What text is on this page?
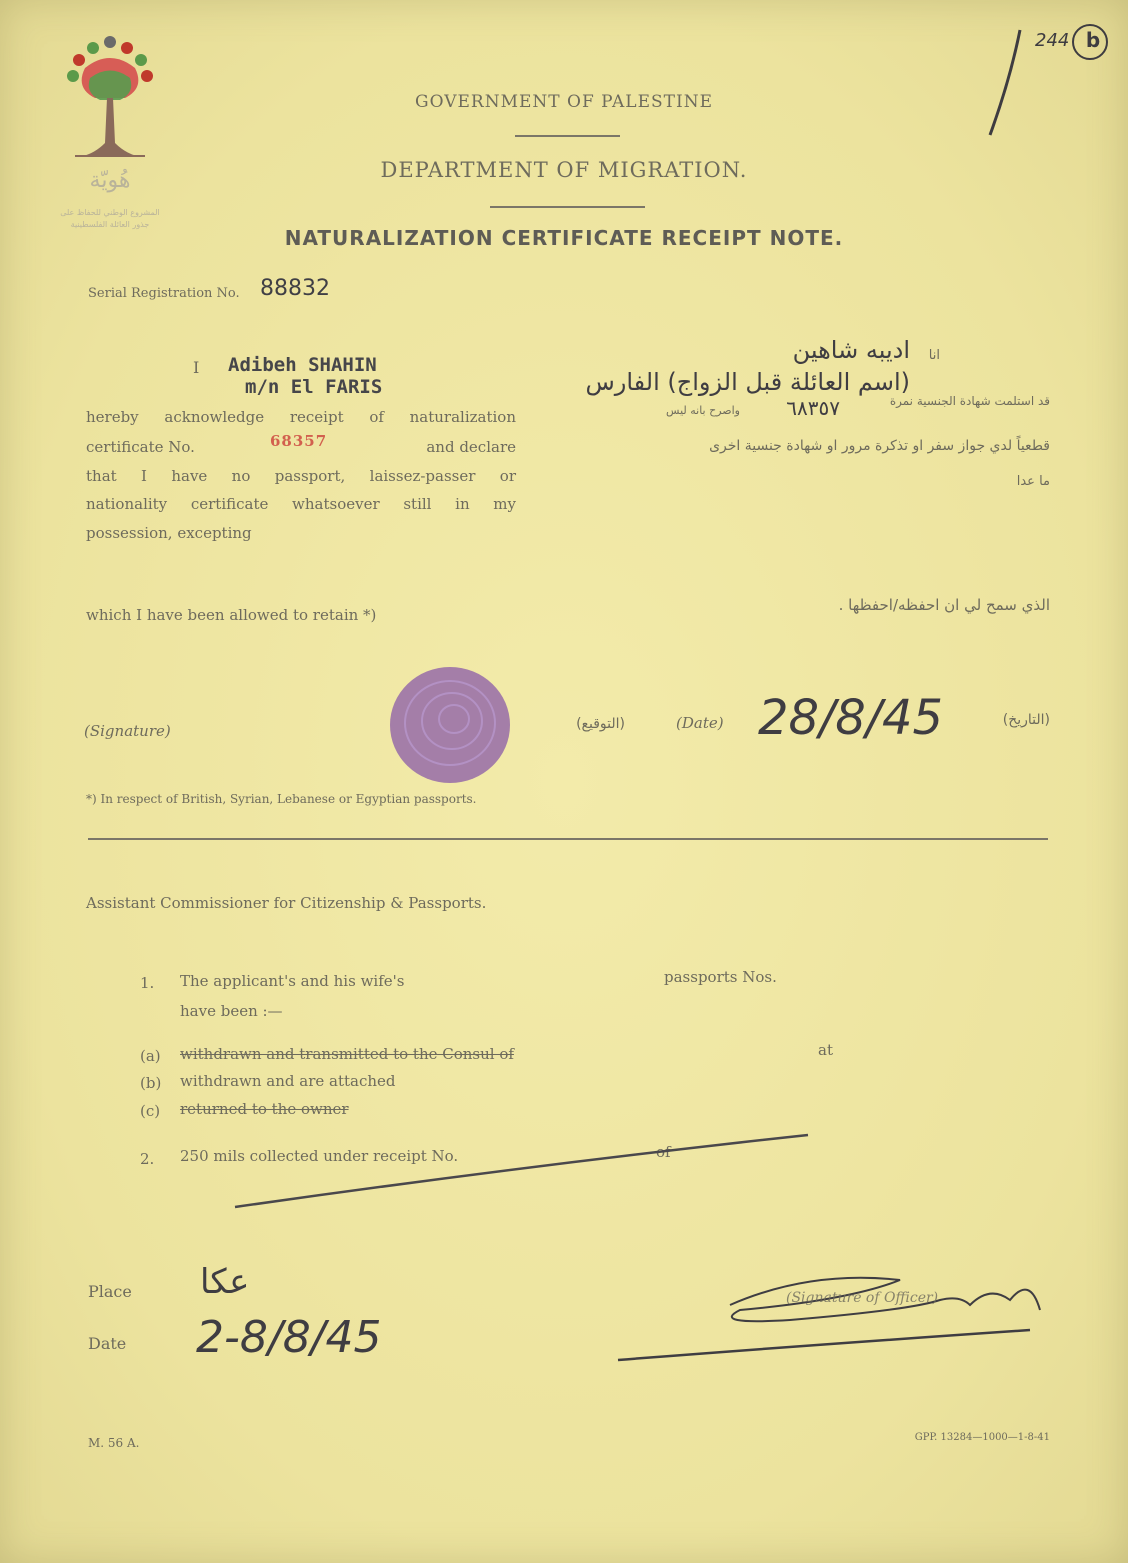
هُويّة
المشروع الوطني للحفاظ على
جذور العائلة الفلسطينية
244 b
GOVERNMENT OF PALESTINE
DEPARTMENT OF MIGRATION.
NATURALIZATION CERTIFICATE RECEIPT NOTE.
Serial Registration No. 88832
I Adibeh SHAHIN
m/n El FARIS
hereby acknowledge receipt of naturalization
certificate No.	68357	and declare
that I have no passport, laissez-passer or
nationality certificate whatsoever still in my
possession, excepting
which I have been allowed to retain *)
انا
اديبه شاهين
(اسم العائلة قبل الزواج) الفارس
قد استلمت شهادة الجنسية نمرة
٦٨٣٥٧
واصرح بانه ليس
قطعياً لدي جواز سفر او تذكرة مرور او شهادة جنسية اخرى
ما عدا
الذي سمح لي ان احفظه/احفظها .
(Signature)	(التوقيع)	(Date) 28/8/45	(التاريخ)
*) In respect of British, Syrian, Lebanese or Egyptian passports.
Assistant Commissioner for Citizenship & Passports.
1. The applicant's and his wife's	passports Nos.
have been :—
(a) withdrawn and transmitted to the Consul of	at
(b) withdrawn and are attached
(c) returned to the owner
2. 250 mils collected under receipt No.	of
Place عكا
Date 2-8/8/45
(Signature of Officer)
M. 56 A.	GPP. 13284—1000—1-8-41
